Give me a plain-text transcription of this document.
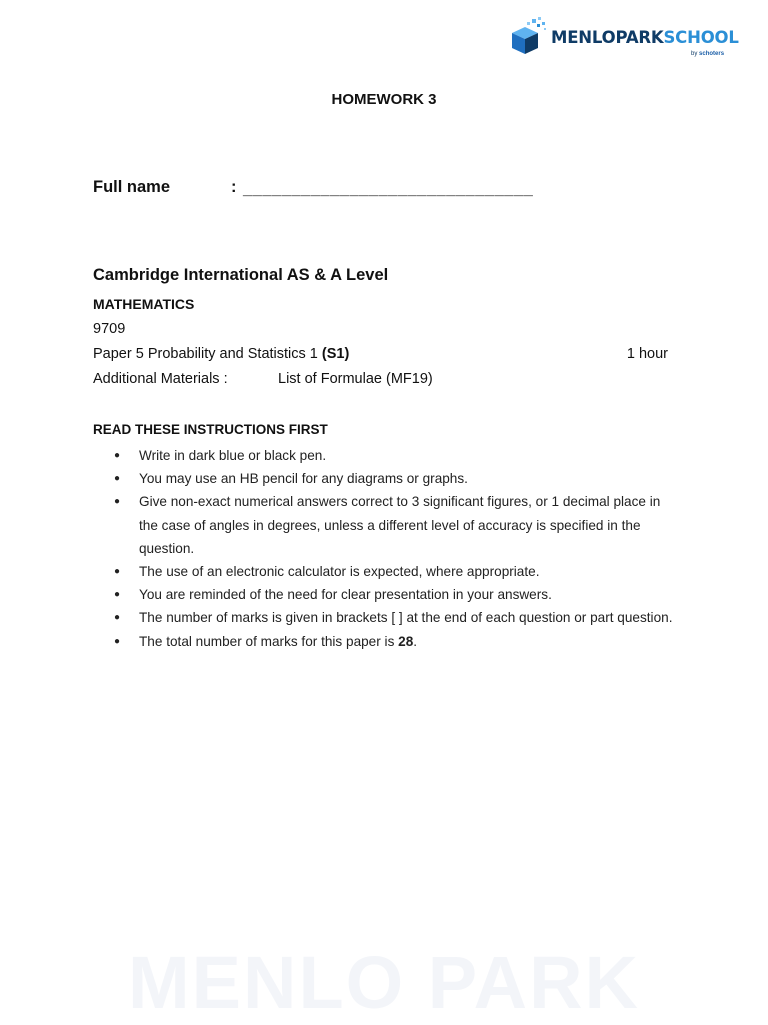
MENLOPARKSCHOOL
by schoters
HOMEWORK 3
Full name	: ______________________________
Cambridge International AS & A Level
MATHEMATICS
9709
Paper 5 Probability and Statistics 1 (S1)	1 hour
Additional Materials :	List of Formulae (MF19)
READ THESE INSTRUCTIONS FIRST
● Write in dark blue or black pen.
● You may use an HB pencil for any diagrams or graphs.
● Give non-exact numerical answers correct to 3 significant figures, or 1 decimal place in the case of angles in degrees, unless a different level of accuracy is specified in the question.
● The use of an electronic calculator is expected, where appropriate.
● You are reminded of the need for clear presentation in your answers.
● The number of marks is given in brackets [ ] at the end of each question or part question.
● The total number of marks for this paper is 28.
MENLO PARK
